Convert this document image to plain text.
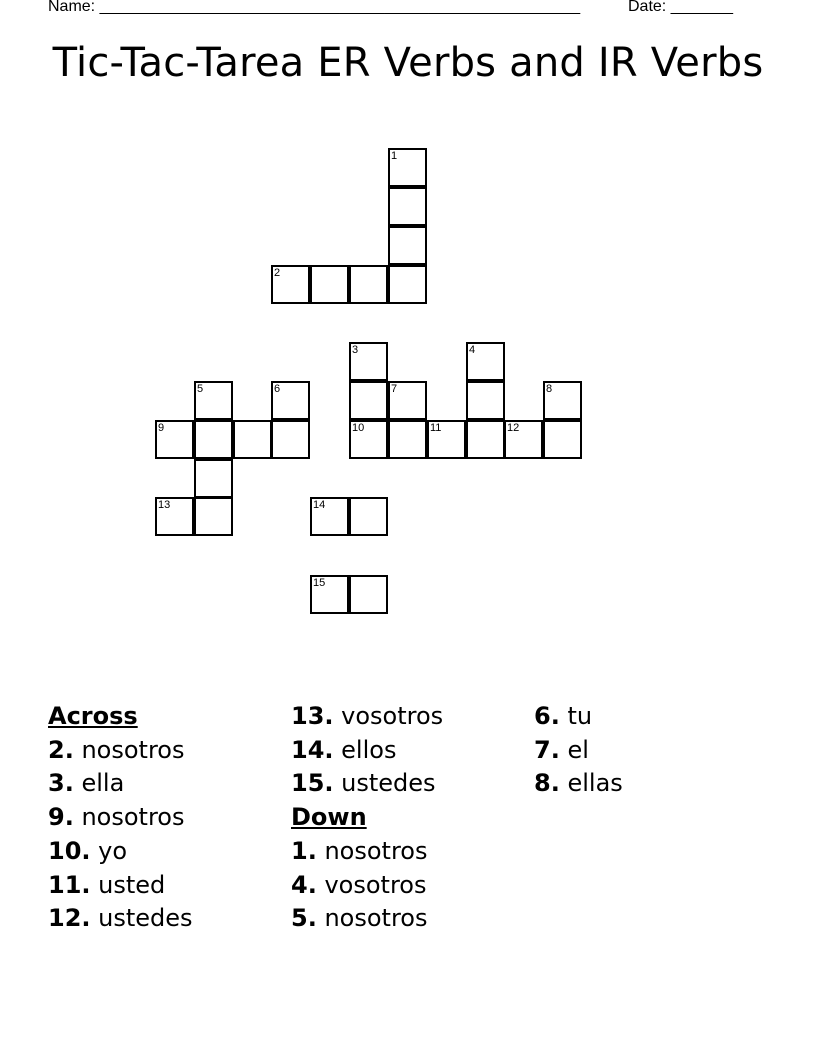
Name: ______________________________________________________	Date: _______
Tic-Tac-Tarea ER Verbs and IR Verbs
1
2
3	4
5	6	7	8
9	10	11	12
13	14
15
Across
2. nosotros
3. ella
9. nosotros
10. yo
11. usted
12. ustedes
13. vosotros
14. ellos
15. ustedes
Down
1. nosotros
4. vosotros
5. nosotros
6. tu
7. el
8. ellas
